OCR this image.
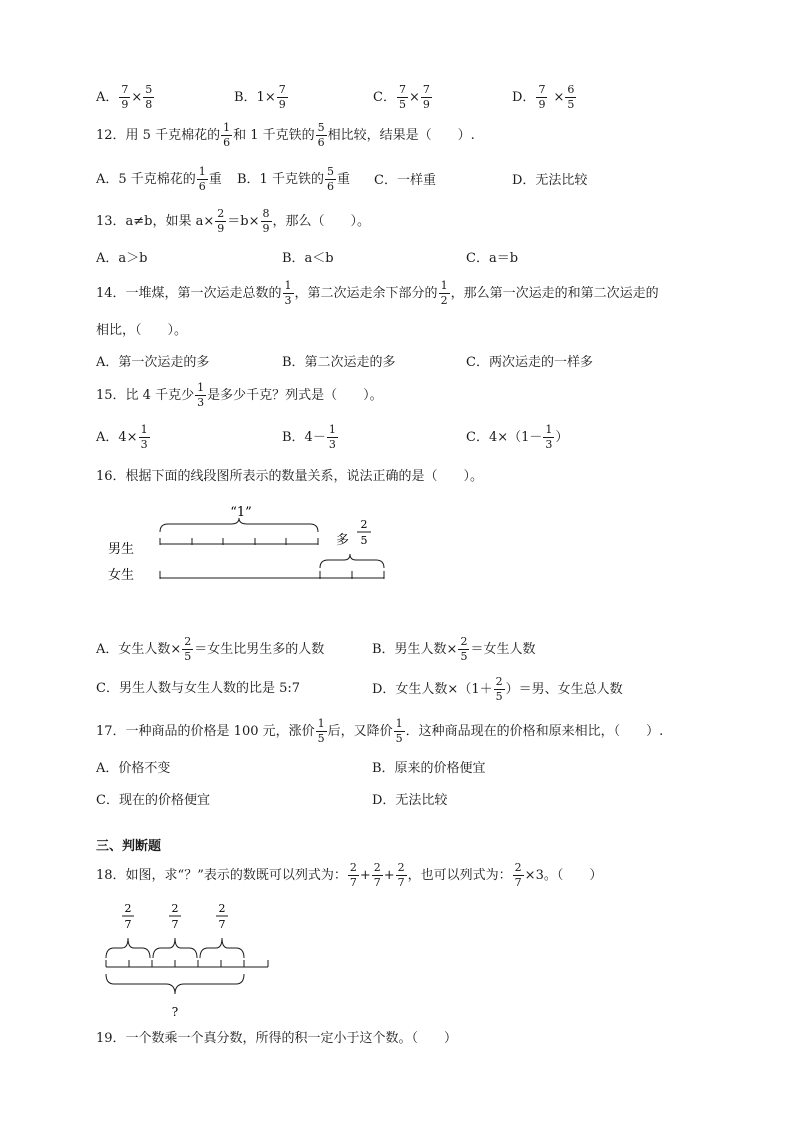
A． $\frac{7}{9} \times \frac{5}{8}$	B．$1\times \frac{7}{9}$	C． $\frac{7}{5} \times \frac{7}{9}$	D． $\frac{7}{9} \times \frac{6}{5}$
12．用 5 千克棉花的 $\frac{1}{6}$ 和 1 千克铁的 $\frac{5}{6}$ 相比较，结果是（　　）.
A．5 千克棉花的 $\frac{1}{6}$ 重 B．1 千克铁的 $\frac{5}{6}$ 重 C．一样重	D．无法比较
13．a≠b，如果 $a\times \frac{2}{9} =b\times \frac{8}{9}$ ，那么（　　）。
A．a＞b	B．a＜b	C．a＝b
14．一堆煤，第一次运走总数的 $\frac{1}{3}$ ，第二次运走余下部分的 $\frac{1}{2}$ ，那么第一次运走的和第二次运走的
相比，（　　）。
A．第一次运走的多	B．第二次运走的多	C．两次运走的一样多
15．比 4 千克少 $\frac{1}{3}$ 是多少千克？列式是（　　）。
A．$4\times \frac{1}{3}$	B．$4- \frac{1}{3}$	C．$4\times(1- \frac{1}{3}$ ）
16．根据下面的线段图所表示的数量关系，说法正确的是（　　）。
“1”
男生
多
2
5
女生
A．女生人数× $\frac{2}{5}$ ＝女生比男生多的人数	B．男生人数× $\frac{2}{5}$ ＝女生人数
C．男生人数与女生人数的比是 5:7	D．女生人数$\times(1+ \frac{2}{5}$ ）＝男、女生总人数
17．一种商品的价格是 100 元，涨价 $\frac{1}{5}$ 后，又降价 $\frac{1}{5}$ ．这种商品现在的价格和原来相比，（　　）.
A．价格不变	B．原来的价格便宜
C．现在的价格便宜	D．无法比较
三、判断题
18．如图，求“？”表示的数既可以列式为： $\frac{2}{7} + \frac{2}{7} + \frac{2}{7}$ ，也可以列式为： $\frac{2}{7} \times 3$。（　　）
2
7
2
7
2
7
?
19．一个数乘一个真分数，所得的积一定小于这个数。（　　）
